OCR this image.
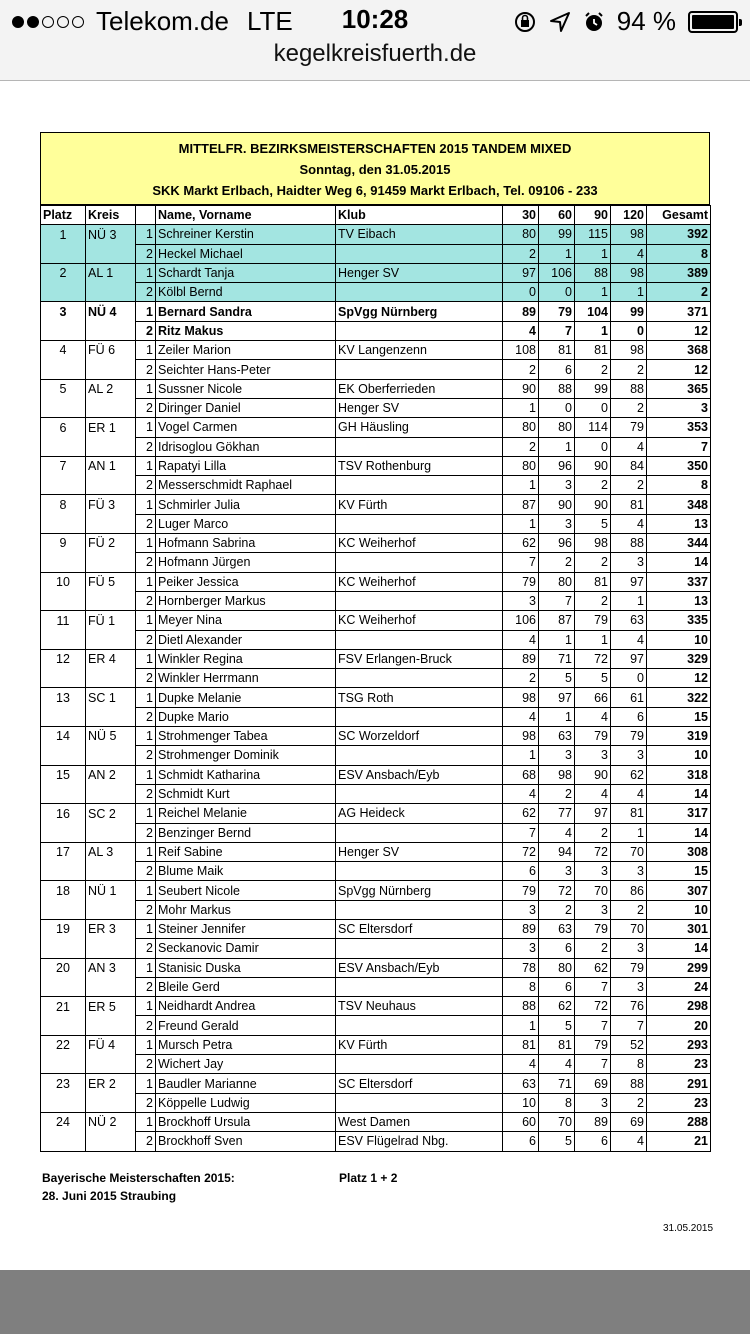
Telekom.de LTE	10:28	94 %
kegelkreisfuerth.de
MITTELFR. BEZIRKSMEISTERSCHAFTEN 2015 TANDEM MIXED
Sonntag, den 31.05.2015
SKK Markt Erlbach, Haidter Weg 6, 91459 Markt Erlbach, Tel. 09106 - 233
Platz	Kreis		Name, Vorname	Klub	30	60	90	120	Gesamt
1	NÜ 3	1	Schreiner Kerstin	TV Eibach	80	99	115	98	392
		2	Heckel Michael		2	1	1	4	8
2	AL 1	1	Schardt Tanja	Henger SV	97	106	88	98	389
		2	Kölbl Bernd		0	0	1	1	2
3	NÜ 4	1	Bernard Sandra	SpVgg Nürnberg	89	79	104	99	371
		2	Ritz Makus		4	7	1	0	12
4	FÜ 6	1	Zeiler Marion	KV Langenzenn	108	81	81	98	368
		2	Seichter Hans-Peter		2	6	2	2	12
5	AL 2	1	Sussner Nicole	EK Oberferrieden	90	88	99	88	365
		2	Diringer Daniel	Henger SV	1	0	0	2	3
6	ER 1	1	Vogel Carmen	GH Häusling	80	80	114	79	353
		2	Idrisoglou Gökhan		2	1	0	4	7
7	AN 1	1	Rapatyi Lilla	TSV Rothenburg	80	96	90	84	350
		2	Messerschmidt Raphael		1	3	2	2	8
8	FÜ 3	1	Schmirler Julia	KV Fürth	87	90	90	81	348
		2	Luger Marco		1	3	5	4	13
9	FÜ 2	1	Hofmann Sabrina	KC Weiherhof	62	96	98	88	344
		2	Hofmann Jürgen		7	2	2	3	14
10	FÜ 5	1	Peiker Jessica	KC Weiherhof	79	80	81	97	337
		2	Hornberger Markus		3	7	2	1	13
11	FÜ 1	1	Meyer Nina	KC Weiherhof	106	87	79	63	335
		2	Dietl Alexander		4	1	1	4	10
12	ER 4	1	Winkler Regina	FSV Erlangen-Bruck	89	71	72	97	329
		2	Winkler Herrmann		2	5	5	0	12
13	SC 1	1	Dupke Melanie	TSG Roth	98	97	66	61	322
		2	Dupke Mario		4	1	4	6	15
14	NÜ 5	1	Strohmenger Tabea	SC Worzeldorf	98	63	79	79	319
		2	Strohmenger Dominik		1	3	3	3	10
15	AN 2	1	Schmidt Katharina	ESV Ansbach/Eyb	68	98	90	62	318
		2	Schmidt Kurt		4	2	4	4	14
16	SC 2	1	Reichel Melanie	AG Heideck	62	77	97	81	317
		2	Benzinger Bernd		7	4	2	1	14
17	AL 3	1	Reif Sabine	Henger SV	72	94	72	70	308
		2	Blume Maik		6	3	3	3	15
18	NÜ 1	1	Seubert Nicole	SpVgg Nürnberg	79	72	70	86	307
		2	Mohr Markus		3	2	3	2	10
19	ER 3	1	Steiner Jennifer	SC Eltersdorf	89	63	79	70	301
		2	Seckanovic Damir		3	6	2	3	14
20	AN 3	1	Stanisic Duska	ESV Ansbach/Eyb	78	80	62	79	299
		2	Bleile Gerd		8	6	7	3	24
21	ER 5	1	Neidhardt Andrea	TSV Neuhaus	88	62	72	76	298
		2	Freund Gerald		1	5	7	7	20
22	FÜ 4	1	Mursch Petra	KV Fürth	81	81	79	52	293
		2	Wichert Jay		4	4	7	8	23
23	ER 2	1	Baudler Marianne	SC Eltersdorf	63	71	69	88	291
		2	Köppelle Ludwig		10	8	3	2	23
24	NÜ 2	1	Brockhoff Ursula	West Damen	60	70	89	69	288
		2	Brockhoff Sven	ESV Flügelrad Nbg.	6	5	6	4	21
Bayerische Meisterschaften 2015:
28. Juni 2015 Straubing
Platz 1 + 2
31.05.2015
